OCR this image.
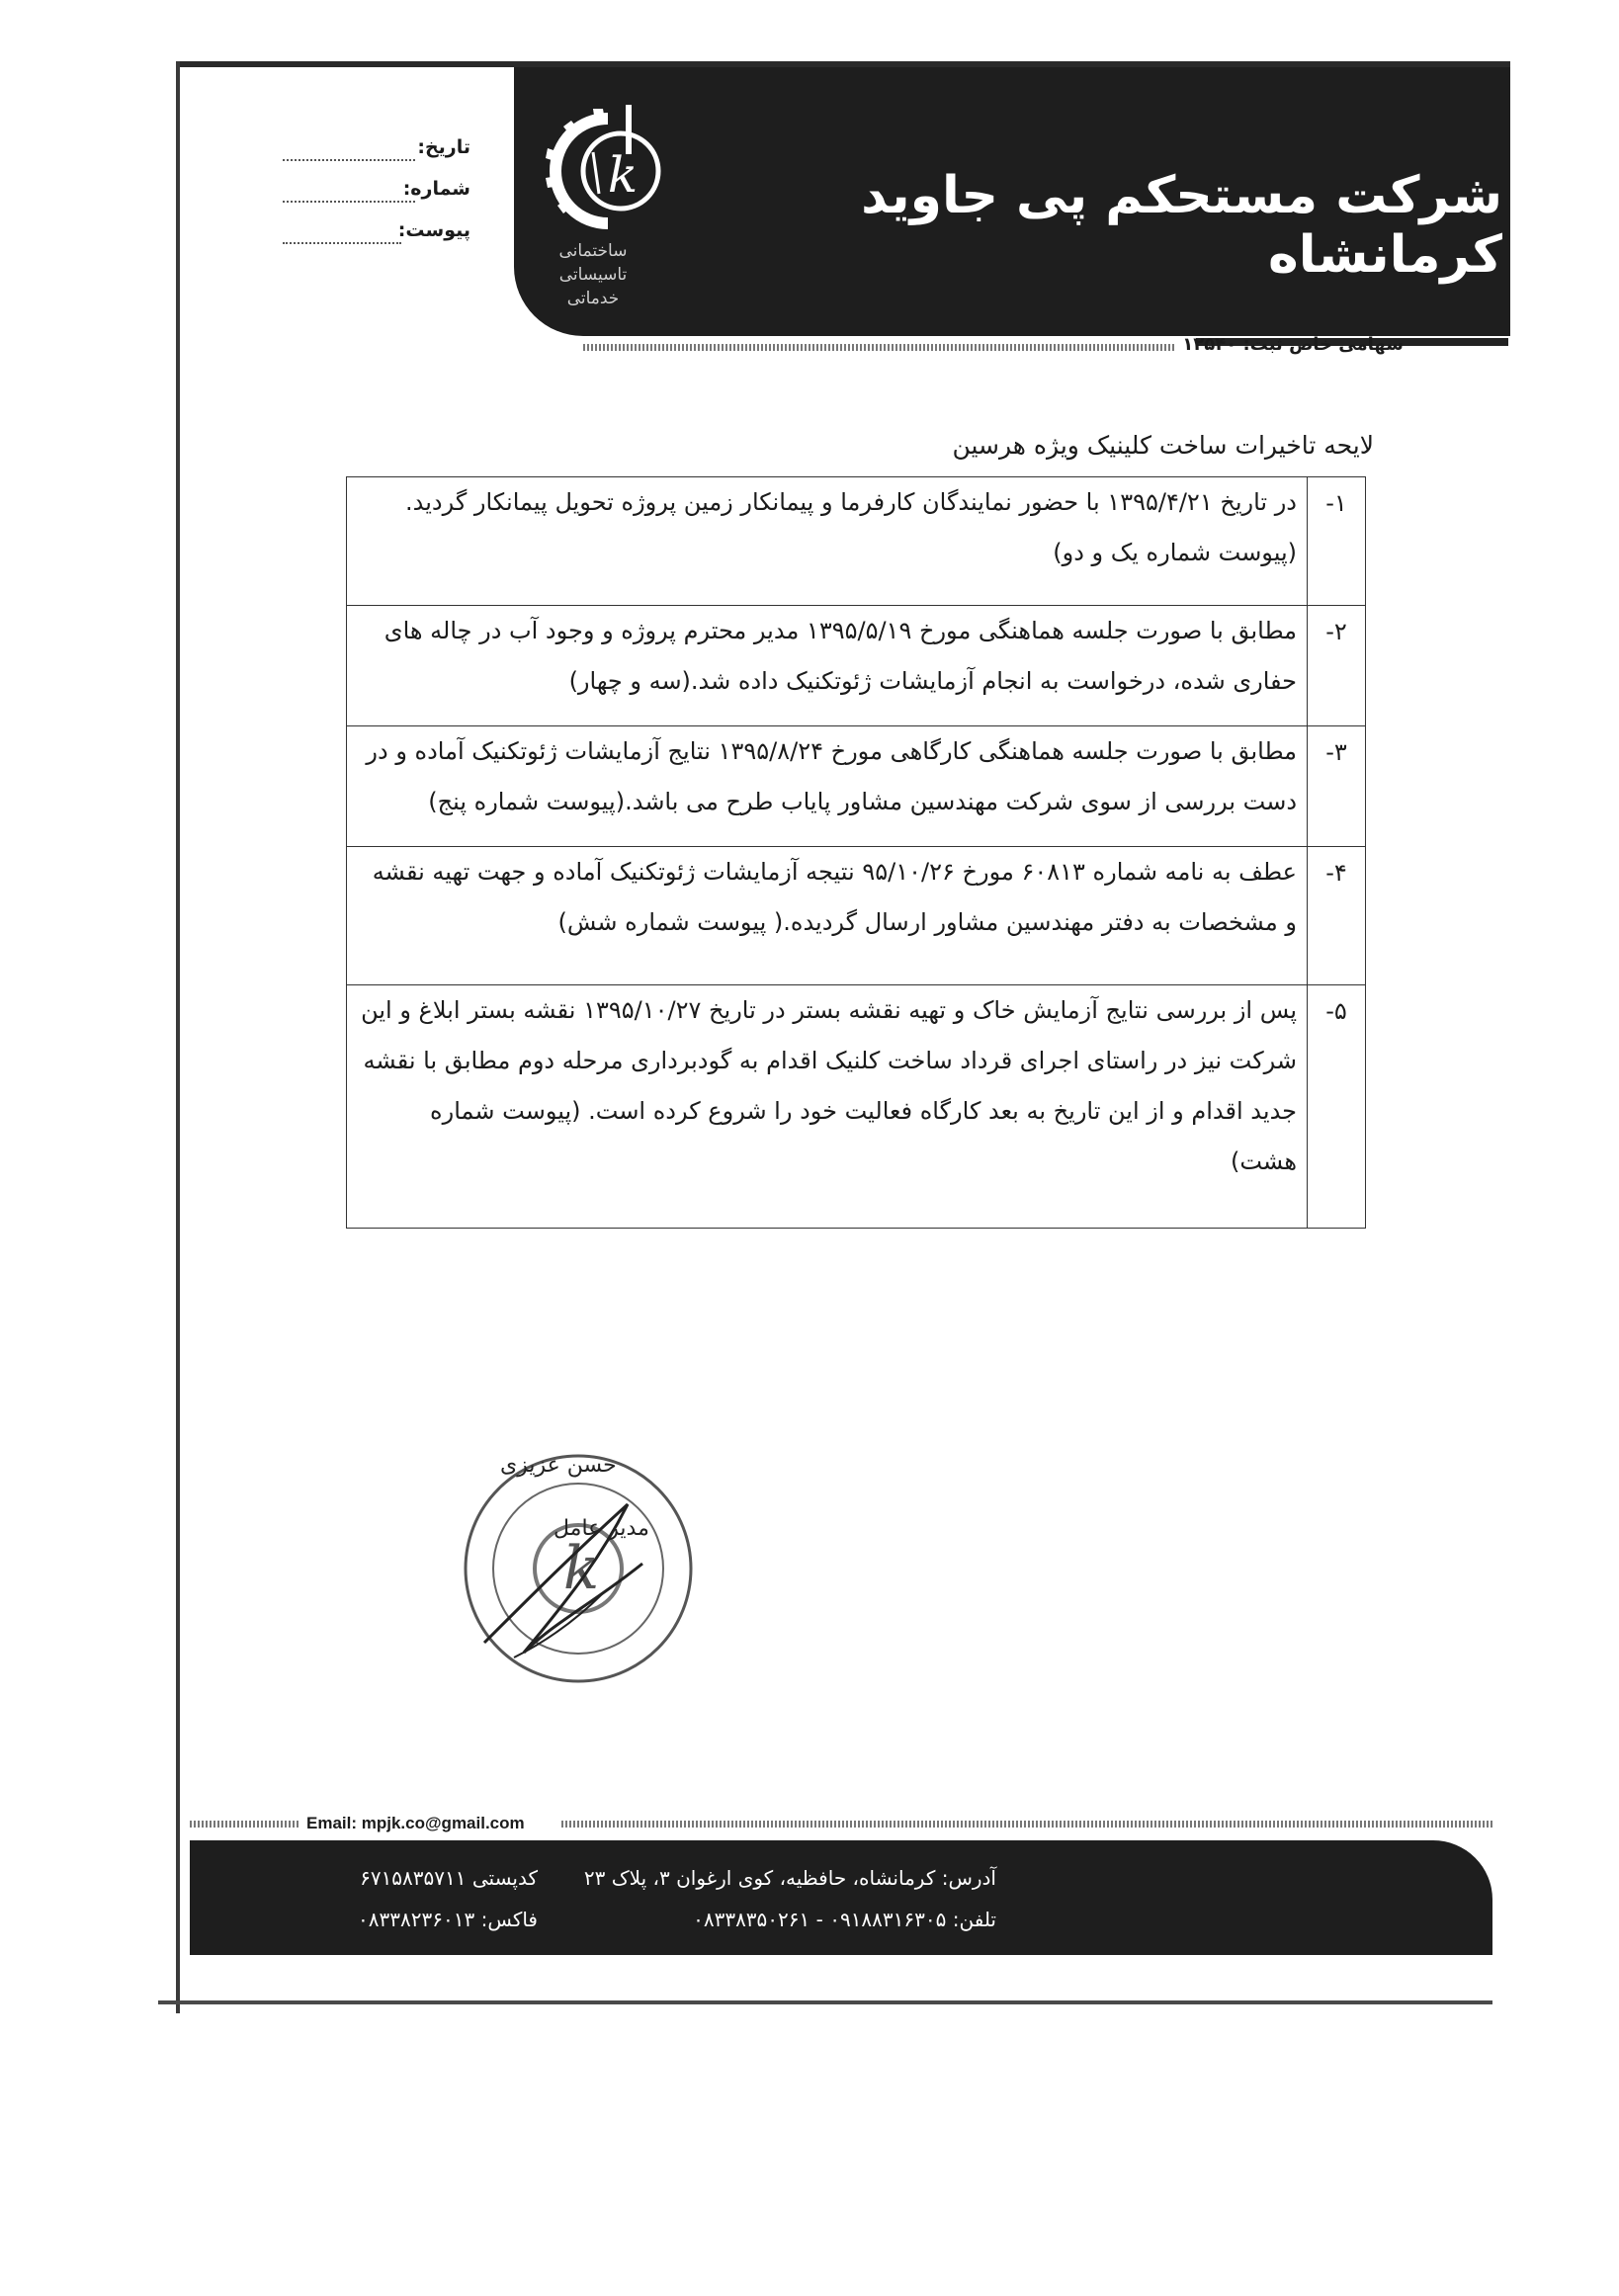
k
ساختمانی
تاسیساتی
خدماتی
شرکت مستحکم پی جاوید کرمانشاه
سهامی خاص ثبت: ۱۲۵۴۰
تاریخ:
شماره:
پیوست:
لایحه تاخیرات ساخت کلینیک ویژه هرسین
۱-	در تاریخ ۱۳۹۵/۴/۲۱ با حضور نمایندگان کارفرما و پیمانکار زمین پروژه تحویل پیمانکار گردید.
(پیوست شماره یک و دو)

۲-	مطابق با صورت جلسه هماهنگی مورخ ۱۳۹۵/۵/۱۹ مدیر محترم پروژه و وجود آب در چاله های
حفاری شده، درخواست به انجام آزمایشات ژئوتکنیک داده شد.(سه و چهار)

۳-	مطابق با صورت جلسه هماهنگی کارگاهی مورخ ۱۳۹۵/۸/۲۴ نتایج آزمایشات ژئوتکنیک آماده و در
دست بررسی از سوی شرکت مهندسین مشاور پایاب طرح می باشد.(پیوست شماره پنج)

۴-	عطف به نامه شماره ۶۰۸۱۳ مورخ ۹۵/۱۰/۲۶ نتیجه آزمایشات ژئوتکنیک آماده و جهت تهیه نقشه
و مشخصات به دفتر مهندسین مشاور ارسال گردیده.( پیوست شماره شش)

۵-	پس از بررسی نتایج آزمایش خاک و تهیه نقشه بستر در تاریخ ۱۳۹۵/۱۰/۲۷ نقشه بستر ابلاغ و این
شرکت نیز در راستای اجرای قرداد ساخت کلنیک اقدام به گودبرداری مرحله دوم مطابق با نقشه
جدید اقدام و از این تاریخ به بعد کارگاه فعالیت خود را شروع کرده است. (پیوست شماره هشت)
k
حسن عزیزی
مدیر عامل
Email: mpjk.co@gmail.com
آدرس: کرمانشاه، حافظیه، کوی ارغوان ۳، پلاک ۲۳
کدپستی ۶۷۱۵۸۳۵۷۱۱
تلفن: ۰۹۱۸۸۳۱۶۳۰۵ - ۰۸۳۳۸۳۵۰۲۶۱
فاکس: ۰۸۳۳۸۲۳۶۰۱۳
